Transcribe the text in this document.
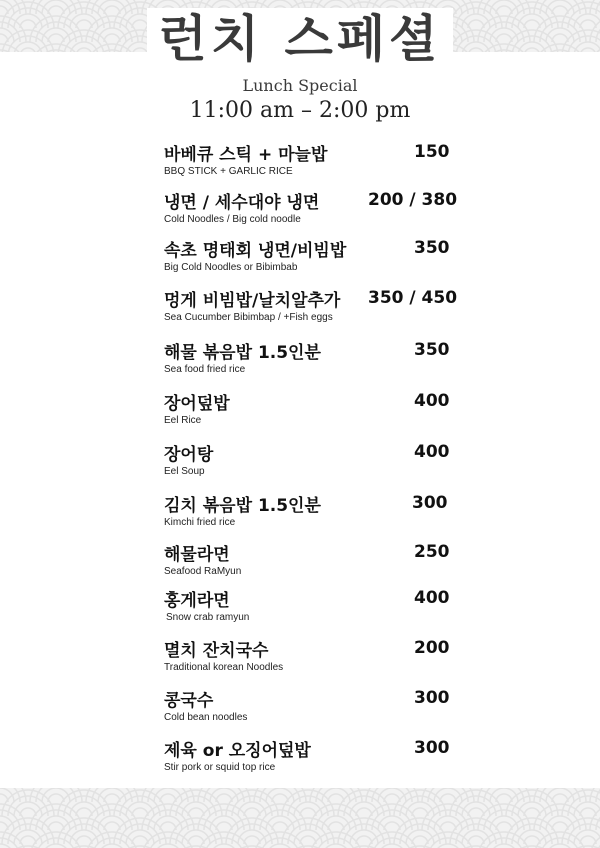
런치 스페셜
Lunch Special
11:00 am – 2:00 pm
바베큐 스틱 + 마늘밥
BBQ STICK + GARLIC RICE
150
냉면 / 세수대야 냉면
Cold Noodles / Big cold noodle
200 / 380
속초 명태회 냉면/비빔밥
Big Cold Noodles or Bibimbab
350
멍게 비빔밥/날치알추가
Sea Cucumber Bibimbap / +Fish eggs
350 / 450
해물 볶음밥 1.5인분
Sea food fried rice
350
장어덮밥
Eel Rice
400
장어탕
Eel Soup
400
김치 볶음밥 1.5인분
Kimchi fried rice
300
해물라면
Seafood RaMyun
250
홍게라면
Snow crab ramyun
400
멸치 잔치국수
Traditional korean Noodles
200
콩국수
Cold bean noodles
300
제육 or 오징어덮밥
Stir pork or squid top rice
300
